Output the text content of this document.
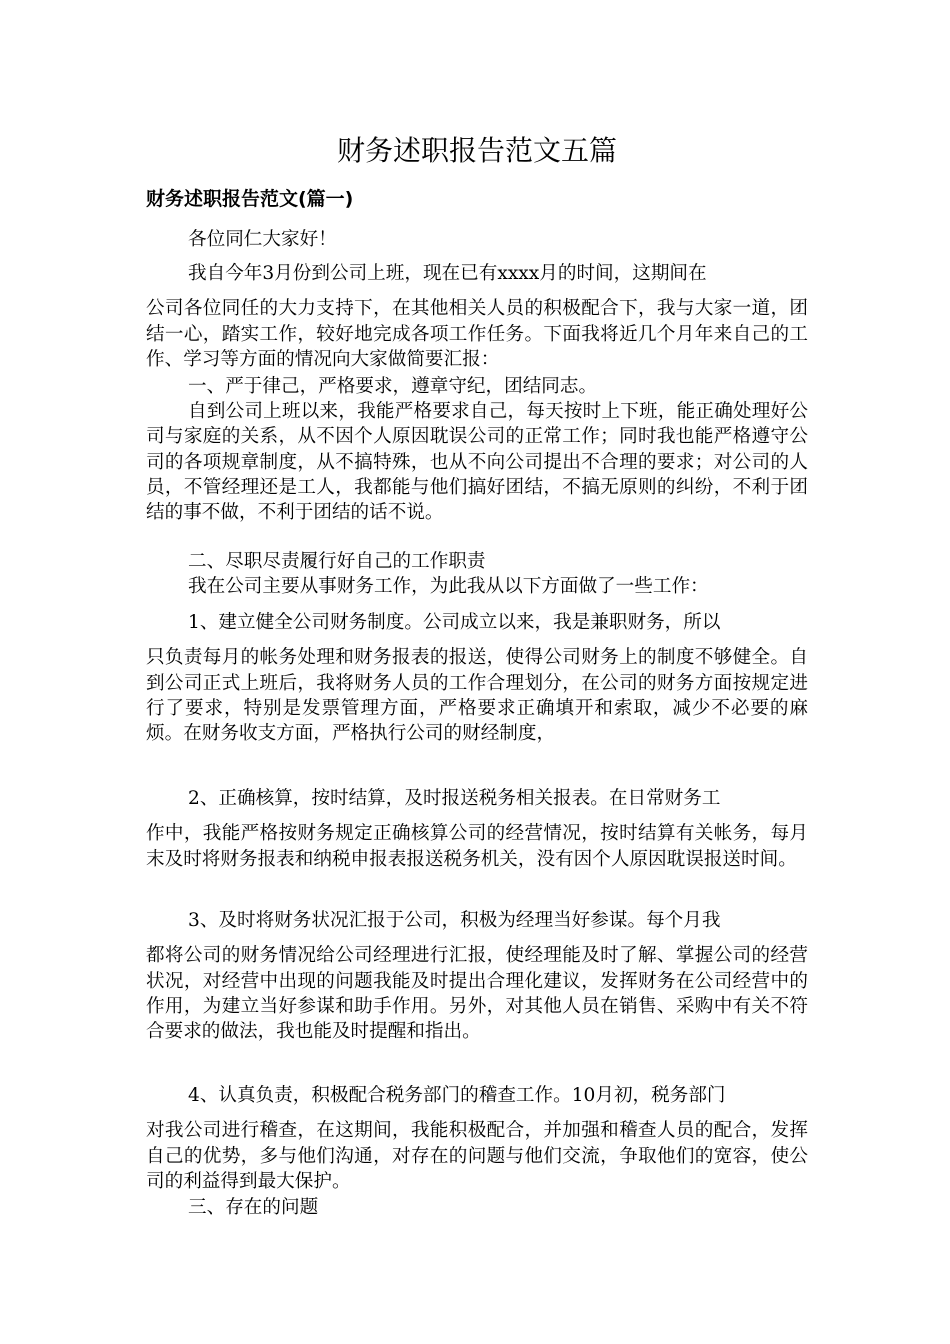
财务述职报告范文五篇
财务述职报告范文(篇一)

各位同仁大家好！

我自今年3月份到公司上班，现在已有xxxx月的时间，这期间在
公司各位同任的大力支持下，在其他相关人员的积极配合下，我与大家一道，团结一心，踏实工作，较好地完成各项工作任务。下面我将近几个月年来自己的工作、学习等方面的情况向大家做简要汇报：

一、严于律己，严格要求，遵章守纪，团结同志。

自到公司上班以来，我能严格要求自己，每天按时上下班，能正确处理好公司与家庭的关系，从不因个人原因耽误公司的正常工作；同时我也能严格遵守公司的各项规章制度，从不搞特殊，也从不向公司提出不合理的要求；对公司的人员，不管经理还是工人，我都能与他们搞好团结，不搞无原则的纠纷，不利于团结的事不做，不利于团结的话不说。

二、尽职尽责履行好自己的工作职责

我在公司主要从事财务工作，为此我从以下方面做了一些工作：

1、建立健全公司财务制度。公司成立以来，我是兼职财务，所以
只负责每月的帐务处理和财务报表的报送，使得公司财务上的制度不够健全。自到公司正式上班后，我将财务人员的工作合理划分，在公司的财务方面按规定进行了要求，特别是发票管理方面，严格要求正确填开和索取，减少不必要的麻烦。在财务收支方面，严格执行公司的财经制度，

2、正确核算，按时结算，及时报送税务相关报表。在日常财务工
作中，我能严格按财务规定正确核算公司的经营情况，按时结算有关帐务，每月末及时将财务报表和纳税申报表报送税务机关，没有因个人原因耽误报送时间。

3、及时将财务状况汇报于公司，积极为经理当好参谋。每个月我
都将公司的财务情况给公司经理进行汇报，使经理能及时了解、掌握公司的经营状况，对经营中出现的问题我能及时提出合理化建议，发挥财务在公司经营中的作用，为建立当好参谋和助手作用。另外，对其他人员在销售、采购中有关不符合要求的做法，我也能及时提醒和指出。

4、认真负责，积极配合税务部门的稽查工作。10月初，税务部门
对我公司进行稽查，在这期间，我能积极配合，并加强和稽查人员的配合，发挥自己的优势，多与他们沟通，对存在的问题与他们交流，争取他们的宽容，使公司的利益得到最大保护。

三、存在的问题
